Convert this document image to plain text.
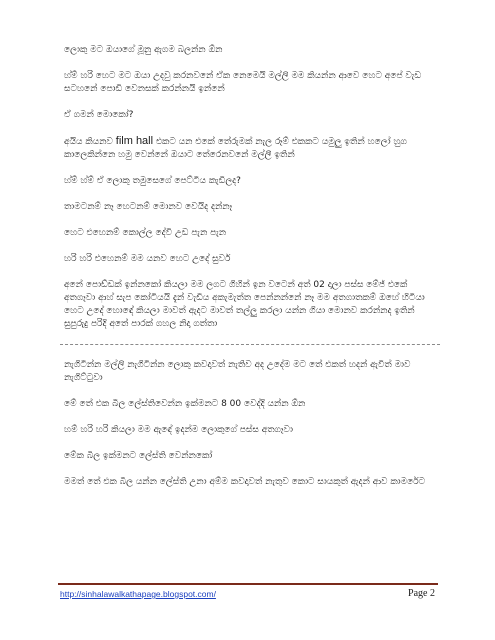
ලොකු මට ඔයාගේ මූනු ඇගම බලන්න ඕන

හ්ම් හරි හෙට මට ඔයා උදවු කරනවනේ ඒක නෙමෙයි මල්ලි මම කියන්න ආවෙ හෙට අපේ වැඩ සටහනේ පොඩි වෙනසක් කරන්නයි ඉන්නේ

ඒ ගමන් මොකෝ?

අයිය කියනව film hall එකට යන එකේ තේරුමක් නැල රූම් එකකට යමුලු ඉතින් හලෝ හුග කාලෙකින්නෙ හමු වෙන්නේ ඔයාට තේරෙනවනේ මල්ලී ඉතින්

හ්ම් හ්ම් ඒ ලොකු තමුසෙගේ පෙට්ටිය කැඩිලද?

තාමටනම් නෑ හෙටනම් මොනව වෙයිද දන්නෑ

හෙට එහෙනම් කොල්ල දේවි උඩ පැන පැන

හරි හරි එහෙනම් මම යනව හෙට උදේ සුවර්

අනේ පොඩ්ඩක් ඉන්නකෝ කියලා මම ලගට ගිහින් ඉන වටෙන් අත් 02 දාලා පස්ස මේජ් එකේ අතගෑවා ආහ් සැප කෝටියයි දැන් වැඩිය අකැමැත්ත පෙන්නන්නේ නෑ මම අතගාතකම් ඔහේ හිටියා හෙට උදේ හොඳේ කියලා මාවත් ඇදට මාවත් තල්ලු කරලා යන්න ගියා මොනව කරන්නද ඉතින් සුපුරුදු පරිදි අතේ පාරක් ගහල නිදා ගත්තා

නැගිටින්න මල්ලි නැගිටින්න ලොකු කවදාවත් නැතිව අද උදේම මට තේ එකත් හදන් ඇවිත් මාව නැගිට්ටුවා

මේ තේ එක බිල ලේස්තිවෙන්න ඉක්මනට 8 00 වෙද්දි යන්න ඕන

හම් හරි හරි කියලා මම ඇඳේ ඉදන්ම ලොකුගේ පස්ස අතගෑවා

මේක බිල ඉක්මනට ලේස්ති වෙන්නකෝ

මමත් තේ එක බීල යන්න ලේස්ති උනා අම්ම කවදාවත් නැතුව කොට සායකුත් ඇදන් ආව කාමරේට

http://sinhalawalkathapage.blogspot.com/	Page 2
